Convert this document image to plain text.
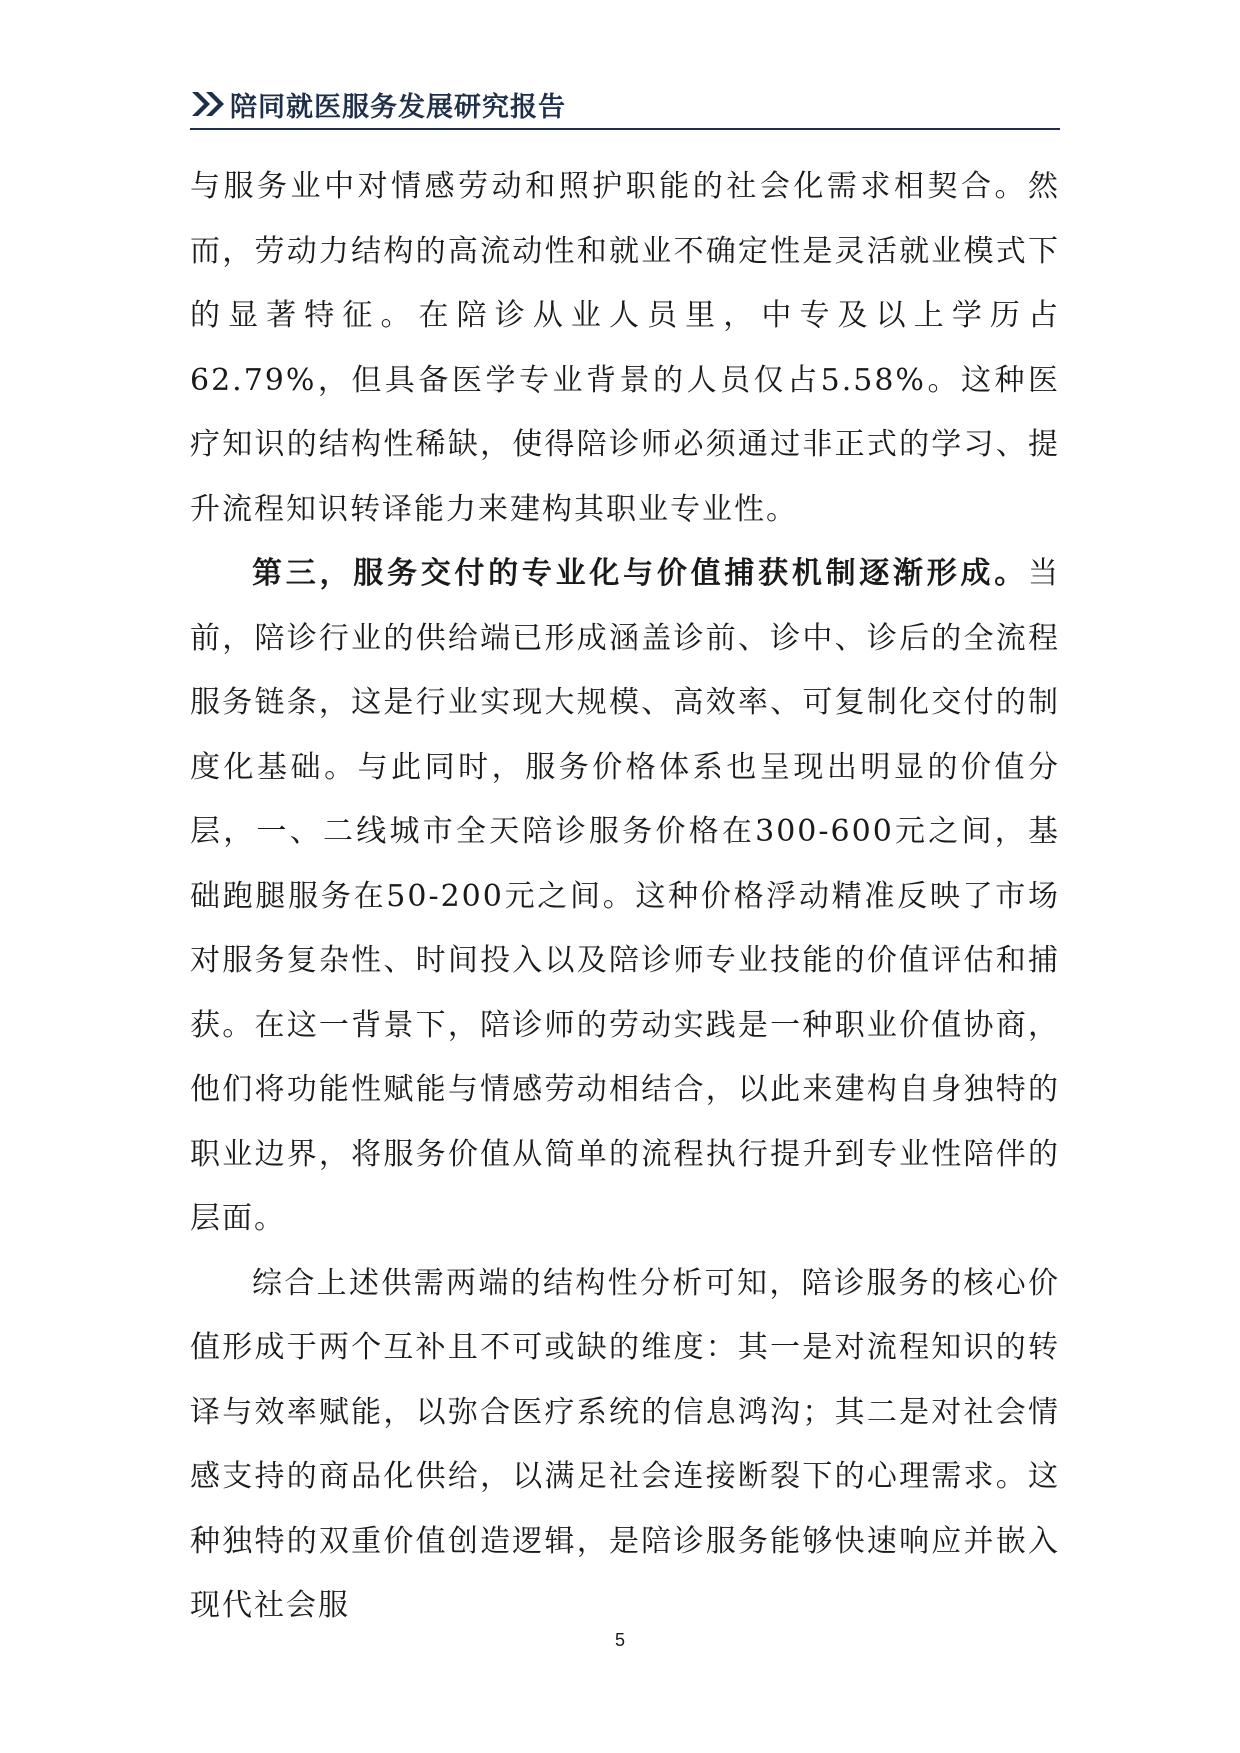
陪同就医服务发展研究报告

与服务业中对情感劳动和照护职能的社会化需求相契合。然而，劳动力结构的高流动性和就业不确定性是灵活就业模式下的显著特征。在陪诊从业人员里，中专及以上学历占62.79%，但具备医学专业背景的人员仅占5.58%。这种医疗知识的结构性稀缺，使得陪诊师必须通过非正式的学习、提升流程知识转译能力来建构其职业专业性。

第三，服务交付的专业化与价值捕获机制逐渐形成。当前，陪诊行业的供给端已形成涵盖诊前、诊中、诊后的全流程服务链条，这是行业实现大规模、高效率、可复制化交付的制度化基础。与此同时，服务价格体系也呈现出明显的价值分层，一、二线城市全天陪诊服务价格在300-600元之间，基础跑腿服务在50-200元之间。这种价格浮动精准反映了市场对服务复杂性、时间投入以及陪诊师专业技能的价值评估和捕获。在这一背景下，陪诊师的劳动实践是一种职业价值协商，他们将功能性赋能与情感劳动相结合，以此来建构自身独特的职业边界，将服务价值从简单的流程执行提升到专业性陪伴的层面。

综合上述供需两端的结构性分析可知，陪诊服务的核心价值形成于两个互补且不可或缺的维度：其一是对流程知识的转译与效率赋能，以弥合医疗系统的信息鸿沟；其二是对社会情感支持的商品化供给，以满足社会连接断裂下的心理需求。这种独特的双重价值创造逻辑，是陪诊服务能够快速响应并嵌入现代社会服

5
